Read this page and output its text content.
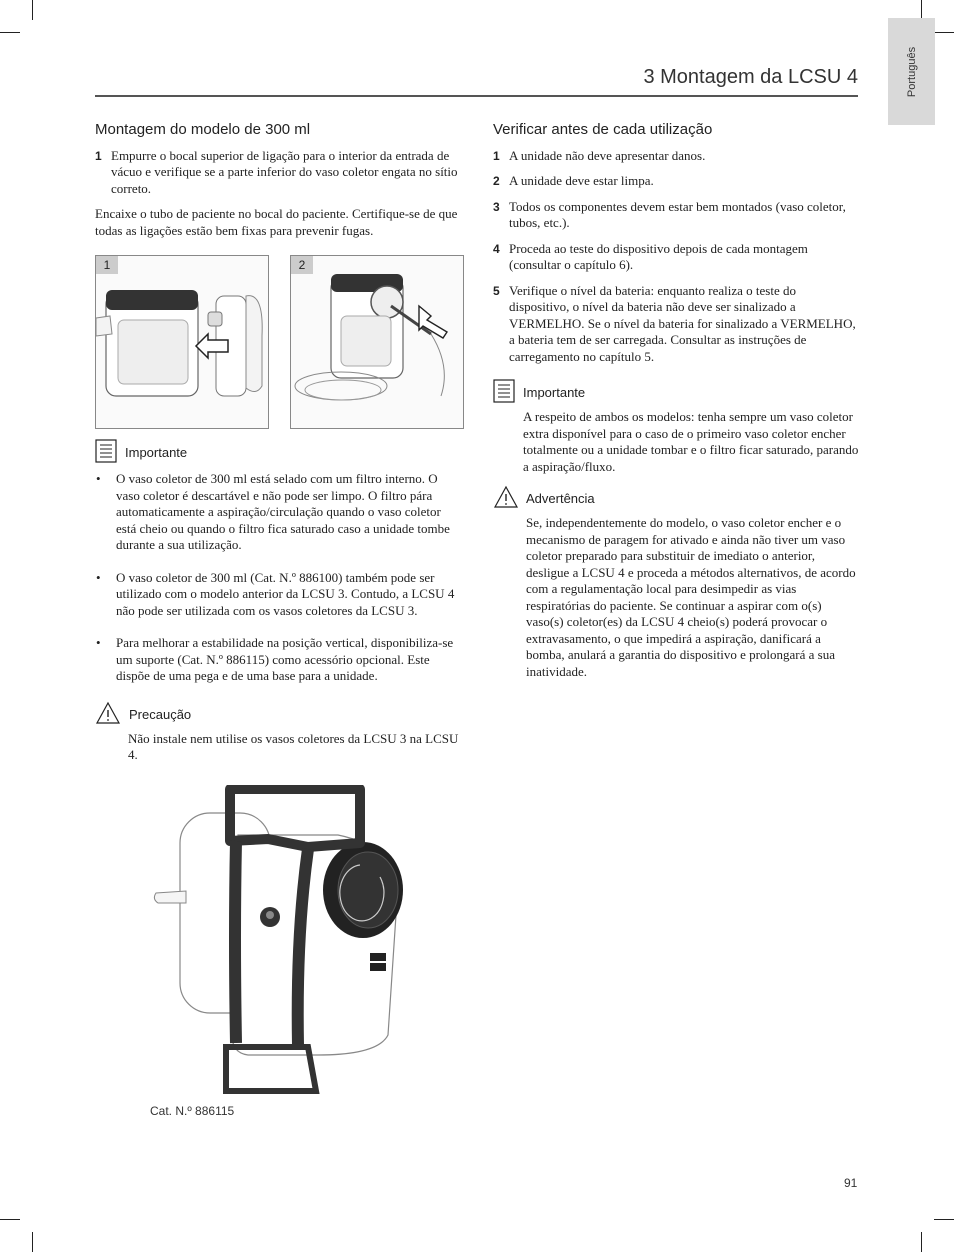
Português
3 Montagem da LCSU 4
Montagem do modelo de 300 ml
1 Empurre o bocal superior de ligação para o interior da entrada de vácuo e verifique se a parte inferior do vaso coletor engata no sítio correto.

Encaixe o tubo de paciente no bocal do paciente. Certifique-se de que todas as ligações estão bem fixas para prevenir fugas.

1	2
Importante
• O vaso coletor de 300 ml está selado com um filtro interno. O vaso coletor é descartável e não pode ser limpo. O filtro pára automaticamente a aspiração/circulação quando o vaso coletor está cheio ou quando o filtro fica saturado caso a unidade tombe durante a sua utilização.
• O vaso coletor de 300 ml (Cat. N.º 886100) também pode ser utilizado com o modelo anterior da LCSU 3. Contudo, a LCSU 4 não pode ser utilizada com os vasos coletores da LCSU 3.
• Para melhorar a estabilidade na posição vertical, disponibiliza-se um suporte (Cat. N.º 886115) como acessório opcional. Este dispõe de uma pega e de uma base para a unidade.
Precaução

Não instale nem utilise os vasos coletores da LCSU 3 na LCSU 4.

Cat. N.º 886115
Verificar antes de cada utilização
1 A unidade não deve apresentar danos.
2 A unidade deve estar limpa.
3 Todos os componentes devem estar bem montados (vaso coletor, tubos, etc.).
4 Proceda ao teste do dispositivo depois de cada montagem (consultar o capítulo 6).
5 Verifique o nível da bateria: enquanto realiza o teste do dispositivo, o nível da bateria não deve ser sinalizado a VERMELHO. Se o nível da bateria for sinalizado a VERMELHO, a bateria tem de ser carregada. Consultar as instruções de carregamento no capítulo 5.
Importante

A respeito de ambos os modelos: tenha sempre um vaso coletor extra disponível para o caso de o primeiro vaso coletor encher totalmente ou a unidade tombar e o filtro ficar saturado, parando a aspiração/fluxo.

Advertência

Se, independentemente do modelo, o vaso coletor encher e o mecanismo de paragem for ativado e ainda não tiver um vaso coletor preparado para substituir de imediato o anterior, desligue a LCSU 4 e proceda a métodos alternativos, de acordo com a regulamentação local para desimpedir as vias respiratórias do paciente. Se continuar a aspirar com o(s) vaso(s) coletor(es) da LCSU 4 cheio(s) poderá provocar o extravasamento, o que impedirá a aspiração, danificará a bomba, anulará a garantia do dispositivo e prolongará a sua inatividade.

91
